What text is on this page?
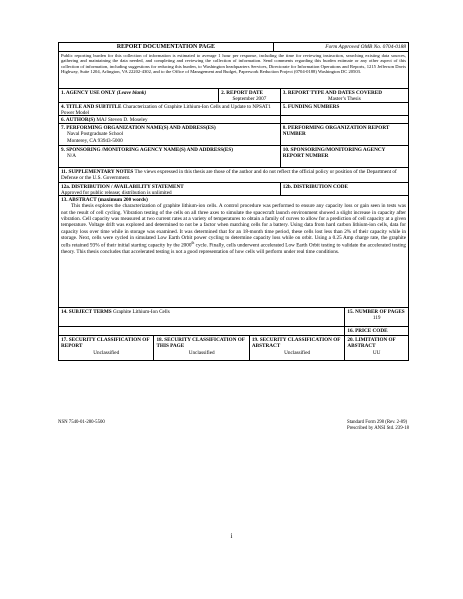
REPORT DOCUMENTATION PAGE	Form Approved OMB No. 0704-0188
Public reporting burden for this collection of information is estimated to average 1 hour per response, including the time for reviewing instruction, searching existing data sources, gathering and maintaining the data needed, and completing and reviewing the collection of information. Send comments regarding this burden estimate or any other aspect of this collection of information, including suggestions for reducing this burden, to Washington headquarters Services, Directorate for Information Operations and Reports, 1215 Jefferson Davis Highway, Suite 1204, Arlington, VA 22202-4302, and to the Office of Management and Budget, Paperwork Reduction Project (0704-0188) Washington DC 20503.
1. AGENCY USE ONLY (Leave blank)	2. REPORT DATE
September 2007
3. REPORT TYPE AND DATES COVERED
Master’s Thesis
4. TITLE AND SUBTITLE Characterization of Graphite Lithium-Ion Cells and Update to NPSAT1 Power Model
5. FUNDING NUMBERS
6. AUTHOR(S) MAJ Steven D. Moseley
7. PERFORMING ORGANIZATION NAME(S) AND ADDRESS(ES)
Naval Postgraduate School
Monterey, CA 93943-5000
8. PERFORMING ORGANIZATION REPORT NUMBER
9. SPONSORING /MONITORING AGENCY NAME(S) AND ADDRESS(ES)
N/A
10. SPONSORING/MONITORING AGENCY REPORT NUMBER
11. SUPPLEMENTARY NOTES The views expressed in this thesis are those of the author and do not reflect the official policy or position of the Department of Defense or the U.S. Government.
12a. DISTRIBUTION / AVAILABILITY STATEMENT
Approved for public release; distribution is unlimited
12b. DISTRIBUTION CODE
13. ABSTRACT (maximum 200 words)
This thesis explores the characterization of graphite lithium-ion cells. A control procedure was performed to ensure any capacity loss or gain seen in tests was not the result of cell cycling. Vibration testing of the cells on all three axes to simulate the spacecraft launch environment showed a slight increase in capacity after vibration. Cell capacity was measured at two current rates at a variety of temperatures to obtain a family of curves to allow for a prediction of cell capacity at a given temperature. Voltage drift was explored and determined to not be a factor when matching cells for a battery. Using data from hard carbon lithium-ion cells, data for capacity loss over time while in storage was examined. It was determined that for an 18-month time period, these cells lost less than 2% of their capacity while in storage. Next, cells were cycled in simulated Low Earth Orbit power cycling to determine capacity loss while on orbit. Using a 0.25 Amp charge rate, the graphite cells retained 93% of their initial starting capacity by the 2000th cycle. Finally, cells underwent accelerated Low Earth Orbit testing to validate the accelerated testing theory. This thesis concludes that accelerated testing is not a good representation of how cells will perform under real time conditions.
14. SUBJECT TERMS Graphite Lithium-Ion Cells	15. NUMBER OF PAGES
119
16. PRICE CODE
17. SECURITY CLASSIFICATION OF REPORT
Unclassified
18. SECURITY CLASSIFICATION OF THIS PAGE
Unclassified
19. SECURITY CLASSIFICATION OF ABSTRACT
Unclassified
20. LIMITATION OF ABSTRACT
UU
NSN 7540-01-280-5500	Standard Form 298 (Rev. 2-89)
Prescribed by ANSI Std. 239-18
i
